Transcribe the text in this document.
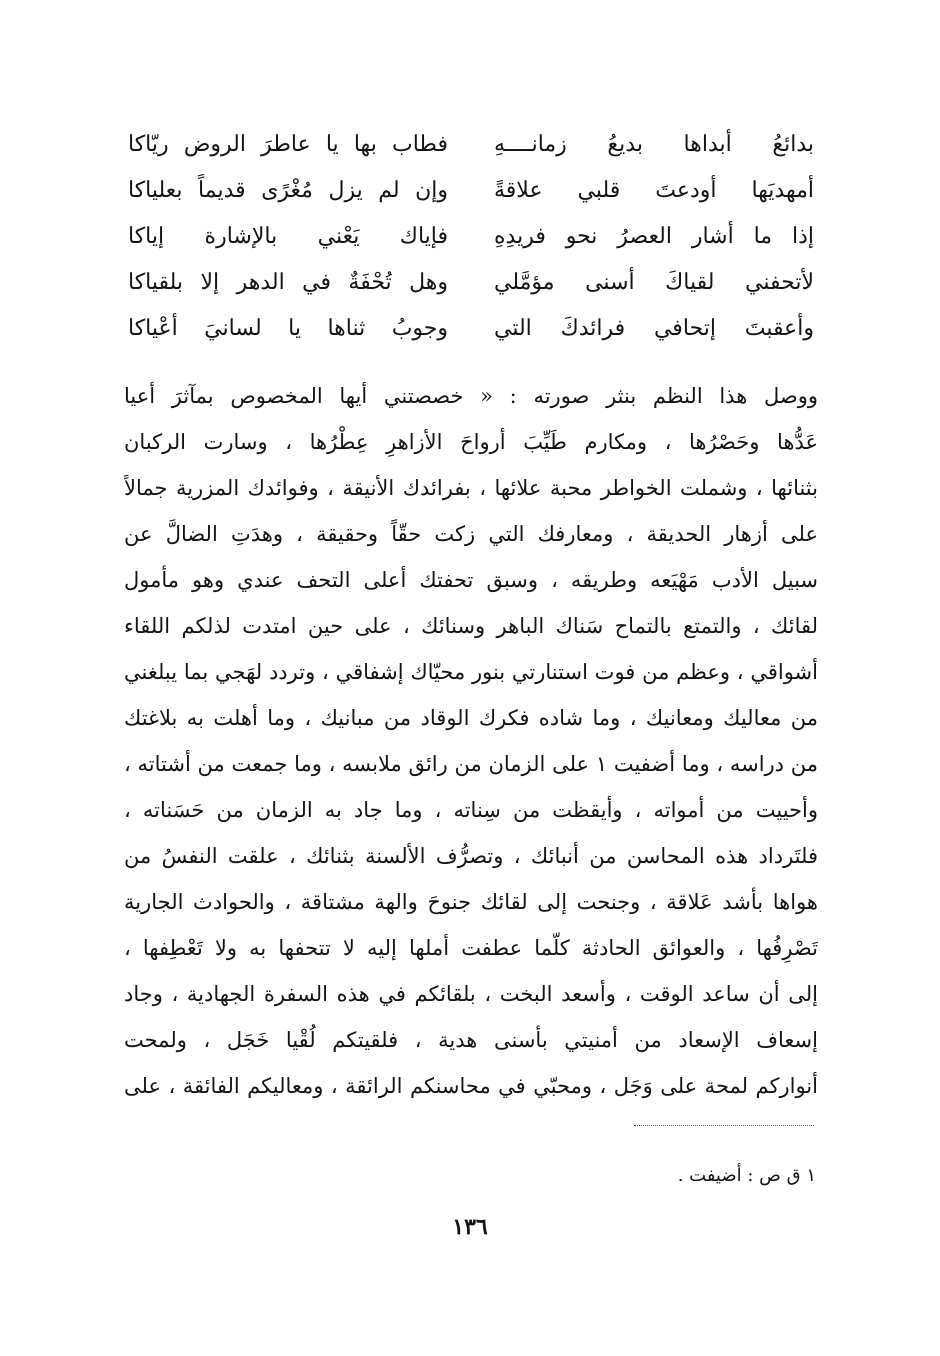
بدائعُ أبداها بديعُ زمانــــهِ
فطاب بها يا عاطرَ الروض ريّاكا
أمهديَها أودعتَ قلبي علاقةً
وإن لم يزل مُغْرًى قديماً بعلياكا
إذا ما أشار العصرُ نحو فريدِهِ
فإياك يَعْني بالإشارة إياكا
لأتحفني لقياكَ أسنى مؤمَّلي
وهل تُحْفَةٌ في الدهر إلا بلقياكا
وأعقبتَ إتحافي فرائدكَ التي
وجوبُ ثناها يا لسانيَ أعْياكا
ووصل هذا النظم بنثر صورته : « خصصتني أيها المخصوص بمآثرَ أعيا
عَدُّها وحَصْرُها ، ومكارم طَيِّبَ أرواحَ الأزاهرِ عِطْرُها ، وسارت الركبان
بثنائها ، وشملت الخواطر محبة علائها ، بفرائدك الأنيقة ، وفوائدك المزرية جمالاً
على أزهار الحديقة ، ومعارفك التي زكت حقّاً وحقيقة ، وهدَتِ الضالَّ عن
سبيل الأدب مَهْيَعه وطريقه ، وسبق تحفتك أعلى التحف عندي وهو مأمول
لقائك ، والتمتع بالتماح سَناك الباهر وسنائك ، على حين امتدت لذلكم اللقاء
أشواقي ، وعظم من فوت استنارتي بنور محيّاك إشفاقي ، وتردد لهَجي بما يبلغني
من معاليك ومعانيك ، وما شاده فكرك الوقاد من مبانيك ، وما أهلت به بلاغتك
من دراسه ، وما أضفيت ١ على الزمان من رائق ملابسه ، وما جمعت من أشتاته ،
وأحييت من أمواته ، وأيقظت من سِناته ، وما جاد به الزمان من حَسَناته ،
فلتَرداد هذه المحاسن من أنبائك ، وتصرُّف الألسنة بثنائك ، علقت النفسُ من
هواها بأشد عَلاقة ، وجنحت إلى لقائك جنوحَ والهة مشتاقة ، والحوادث الجارية
تَصْرِفُها ، والعوائق الحادثة كلّما عطفت أملها إليه لا تتحفها به ولا تَعْطِفها ،
إلى أن ساعد الوقت ، وأسعد البخت ، بلقائكم في هذه السفرة الجهادية ، وجاد
إسعاف الإسعاد من أمنيتي بأسنى هدية ، فلقيتكم لُقْيا خَجَل ، ولمحت
أنواركم لمحة على وَجَل ، ومحبّي في محاسنكم الرائقة ، ومعاليكم الفائقة ، على
١ ق ص : أضيفت .
١٣٦
